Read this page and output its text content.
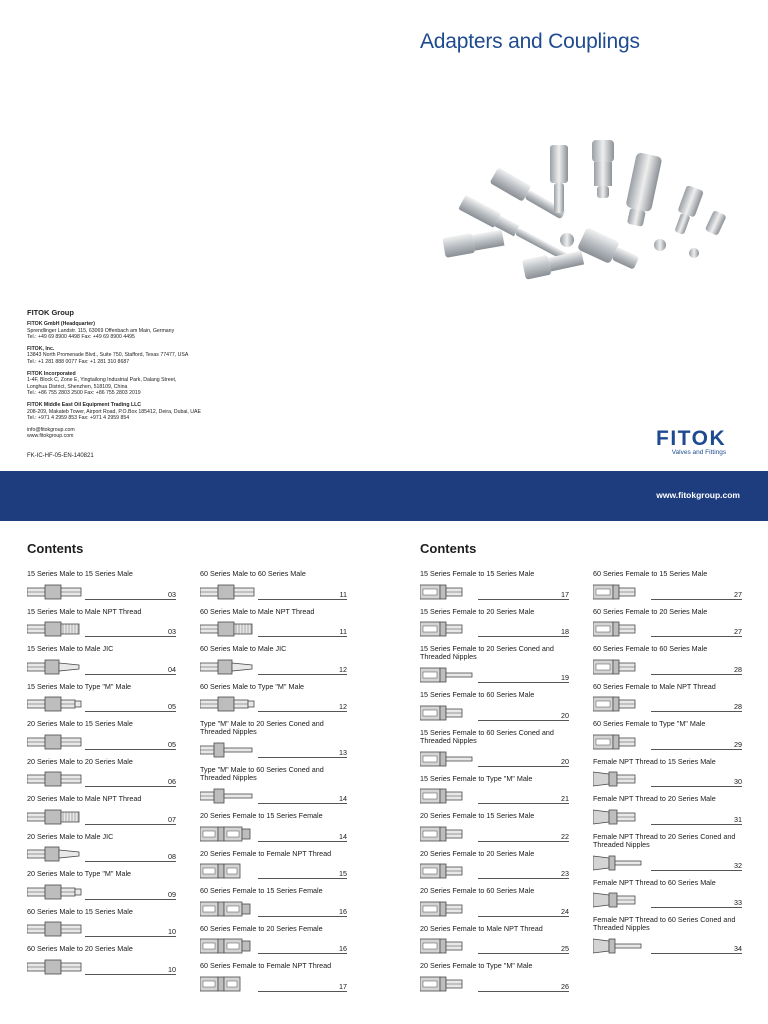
Adapters and Couplings
FITOK Group
FITOK GmbH (Headquarter)
Sprendlinger Landstr. 115, 63069 Offenbach am Main, Germany
Tel.: +49 69 8900 4498 Fax: +49 69 8900 4495
FITOK, Inc.
13843 North Promenade Blvd., Suite 750, Stafford, Texas 77477, USA
Tel.: +1 281 888 0077 Fax: +1 281 310 8687
FITOK Incorporated
1-4F, Block C, Zone E, Yingtailong Industrial Park, Dalang Street,
Longhua District, Shenzhen, 518109, China
Tel.: +86 755 2803 2500 Fax: +86 755 2803 2019
FITOK Middle East Oil Equipment Trading LLC
208-209, Makateb Tower, Airport Road, P.O.Box 185412, Deira, Dubai, UAE
Tel.: +971 4 2959 853 Fax: +971 4 2959 854
info@fitokgroup.com
www.fitokgroup.com
FK-IC-HF-05-EN-140821
FITOK
Valves and Fittings
www.fitokgroup.com
Contents	Contents
15 Series Male to 15 Series Male
03
15 Series Male to Male NPT Thread
03
15 Series Male to Male JIC
04
15 Series Male to Type "M" Male
05
20 Series Male to 15 Series Male
05
20 Series Male to 20 Series Male
06
20 Series Male to Male NPT Thread
07
20 Series Male to Male JIC
08
20 Series Male to Type "M" Male
09
60 Series Male to 15 Series Male
10
60 Series Male to 20 Series Male
10
60 Series Male to 60 Series Male
11
60 Series Male to Male NPT Thread
11
60 Series Male to Male JIC
12
60 Series Male to Type "M" Male
12
Type "M" Male to 20 Series Coned and Threaded Nipples
13
Type "M" Male to 60 Series Coned and Threaded Nipples
14
20 Series Female to 15 Series Female
14
20 Series Female to Female NPT Thread
15
60 Series Female to 15 Series Female
16
60 Series Female to 20 Series Female
16
60 Series Female to Female NPT Thread
17
15 Series Female to 15 Series Male
17
15 Series Female to 20 Series Male
18
15 Series Female to 20 Series Coned and Threaded Nipples
19
15 Series Female to 60 Series Male
20
15 Series Female to 60 Series Coned and Threaded Nipples
20
15 Series Female to Type "M" Male
21
20 Series Female to 15 Series Male
22
20 Series Female to 20 Series Male
23
20 Series Female to 60 Series Male
24
20 Series Female to Male NPT Thread
25
20 Series Female to Type "M" Male
26
60 Series Female to 15 Series Male
27
60 Series Female to 20 Series Male
27
60 Series Female to 60 Series Male
28
60 Series Female to Male NPT Thread
28
60 Series Female to Type "M" Male
29
Female NPT Thread to 15 Series Male
30
Female NPT Thread to 20 Series Male
31
Female NPT Thread to 20 Series Coned and Threaded Nipples
32
Female NPT Thread to 60 Series Male
33
Female NPT Thread to 60 Series Coned and Threaded Nipples
34
